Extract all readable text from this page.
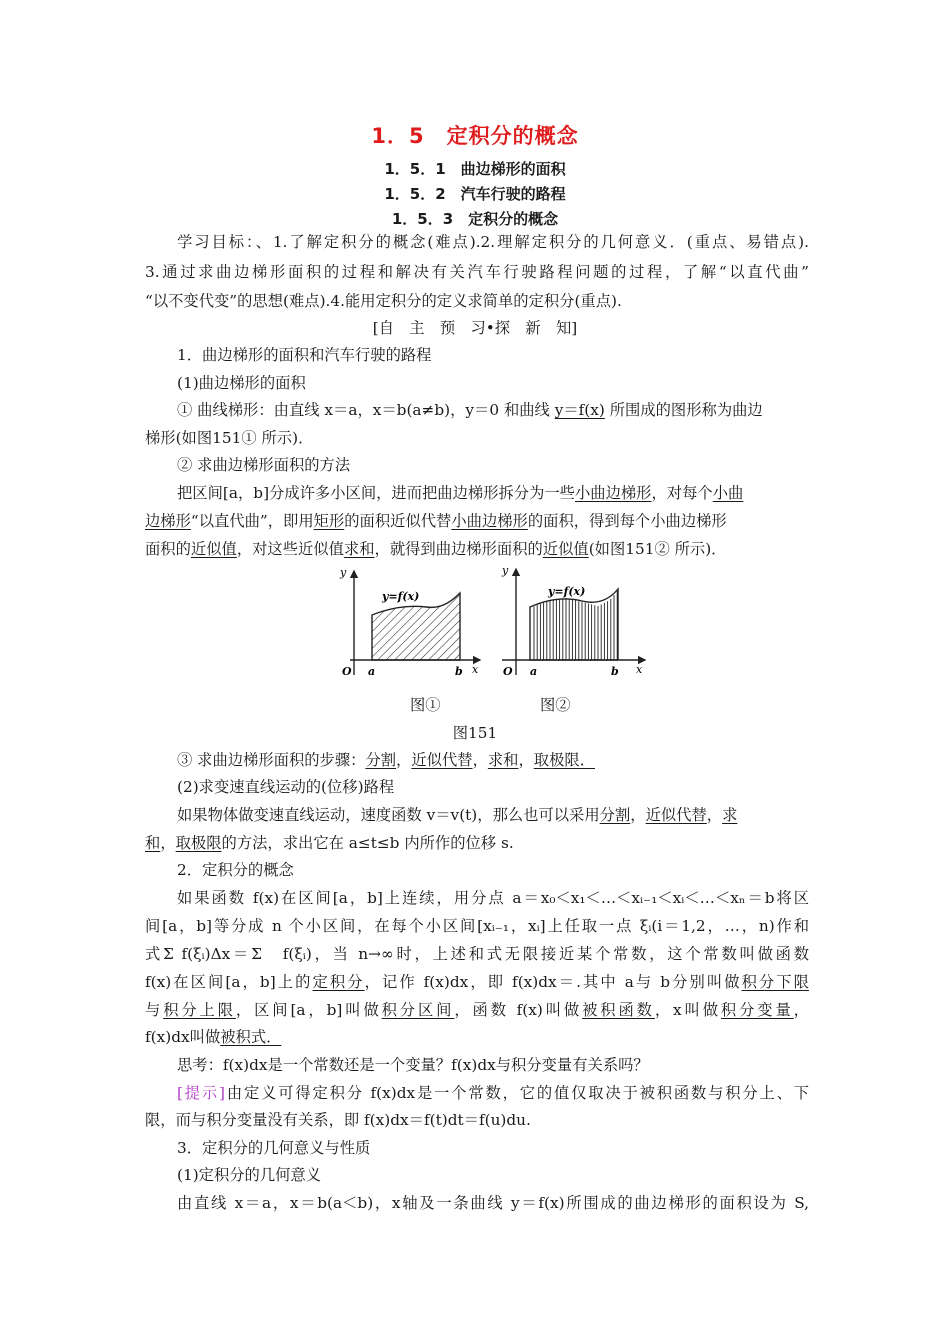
1．5　定积分的概念
1．5．1　曲边梯形的面积
1．5．2　汽车行驶的路程
1．5．3　定积分的概念
学习目标：、1.了解定积分的概念(难点).2.理解定积分的几何意义．(重点、易错点).
3.通过求曲边梯形面积的过程和解决有关汽车行驶路程问题的过程，了解“以直代曲”
“以不变代变”的思想(难点).4.能用定积分的定义求简单的定积分(重点).
[自　主　预　习•探　新　知]
1．曲边梯形的面积和汽车行驶的路程
(1)曲边梯形的面积
① 曲线梯形：由直线 x＝a，x＝b(a≠b)，y＝0 和曲线 y＝f(x) 所围成的图形称为曲边
梯形(如图151① 所示)．
② 求曲边梯形面积的方法
把区间[a，b]分成许多小区间，进而把曲边梯形拆分为一些小曲边梯形，对每个小曲
边梯形“以直代曲”，即用矩形的面积近似代替小曲边梯形的面积，得到每个小曲边梯形
面积的近似值，对这些近似值求和，就得到曲边梯形面积的近似值(如图151② 所示)．
y
x
O a	b
y=f(x)
y
x
O a	b
y=f(x)
图①	图②
图151
③ 求曲边梯形面积的步骤：分割，近似代替，求和，取极限．
(2)求变速直线运动的(位移)路程
如果物体做变速直线运动，速度函数 v＝v(t)，那么也可以采用分割，近似代替，求
和，取极限的方法，求出它在 a≤t≤b 内所作的位移 s.
2．定积分的概念
如果函数 f(x)在区间[a，b]上连续，用分点 a＝x₀＜x₁＜…＜xᵢ₋₁＜xᵢ＜…＜xₙ＝b将区
间[a，b]等分成 n 个小区间，在每个小区间[xᵢ₋₁，xᵢ]上任取一点 ξᵢ(i＝1,2，…，n)作和
式Σ f(ξᵢ)Δx＝Σ　f(ξᵢ)，当 n→∞时，上述和式无限接近某个常数，这个常数叫做函数
f(x)在区间[a，b]上的定积分，记作 f(x)dx，即 f(x)dx＝.其中 a与 b分别叫做积分下限
与积分上限，区间[a，b]叫做积分区间，函数 f(x)叫做被积函数，x叫做积分变量，
f(x)dx叫做被积式．
思考：f(x)dx是一个常数还是一个变量？f(x)dx与积分变量有关系吗？
[提示]由定义可得定积分 f(x)dx是一个常数，它的值仅取决于被积函数与积分上、下
限，而与积分变量没有关系，即 f(x)dx＝f(t)dt＝f(u)du.
3．定积分的几何意义与性质
(1)定积分的几何意义
由直线 x＝a，x＝b(a＜b)，x轴及一条曲线 y＝f(x)所围成的曲边梯形的面积设为 S,
